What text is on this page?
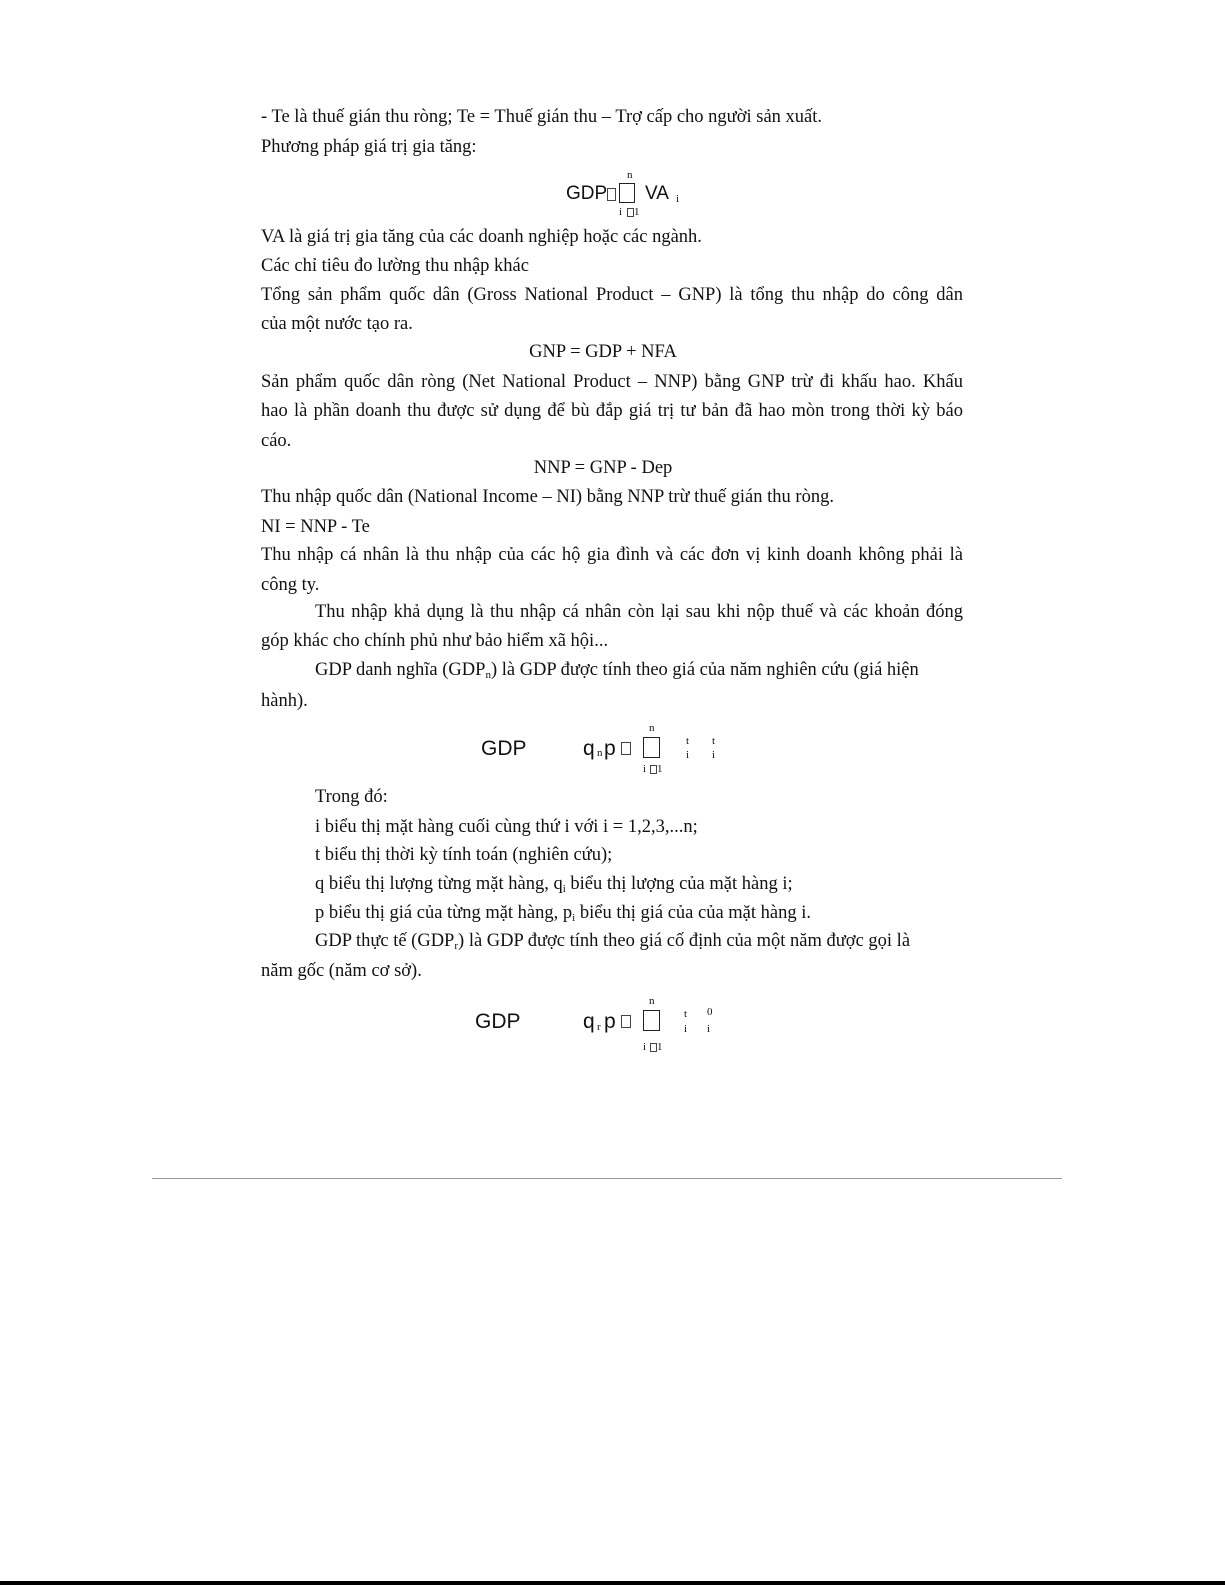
- Te là thuế gián thu ròng; Te = Thuế gián thu – Trợ cấp cho người sản xuất.
Phương pháp giá trị gia tăng:
GDP
n
i 1
VA i
VA là giá trị gia tăng của các doanh nghiệp hoặc các ngành.
Các chỉ tiêu đo lường thu nhập khác
Tổng sản phẩm quốc dân (Gross National Product – GNP) là tổng thu nhập do công dân
của một nước tạo ra.
GNP = GDP + NFA
Sản phẩm quốc dân ròng (Net National Product – NNP) bằng GNP trừ đi khấu hao. Khấu
hao là phần doanh thu được sử dụng để bù đắp giá trị tư bản đã hao mòn trong thời kỳ báo
cáo.
NNP = GNP - Dep
Thu nhập quốc dân (National Income – NI) bằng NNP trừ thuế gián thu ròng.
NI = NNP - Te
Thu nhập cá nhân là thu nhập của các hộ gia đình và các đơn vị kinh doanh không phải là
công ty.
Thu nhập khả dụng là thu nhập cá nhân còn lại sau khi nộp thuế và các khoản đóng
góp khác cho chính phủ như bảo hiểm xã hội...
GDP danh nghĩa $(GDP_n)$ là GDP được tính theo giá của năm nghiên cứu (giá hiện
hành).
GDP	q n p
n
i 1
t
i
t
i
Trong đó:
i biểu thị mặt hàng cuối cùng thứ i với i = 1,2,3,...n;
t biểu thị thời kỳ tính toán (nghiên cứu);
q biểu thị lượng từng mặt hàng, $q_i$ biểu thị lượng của mặt hàng i;
p biểu thị giá của từng mặt hàng, $p_i$ biểu thị giá của của mặt hàng i.
GDP thực tế $(GDP_r)$ là GDP được tính theo giá cố định của một năm được gọi là
năm gốc (năm cơ sở).
GDP	q r p
n
i 1
t
i
0
i
